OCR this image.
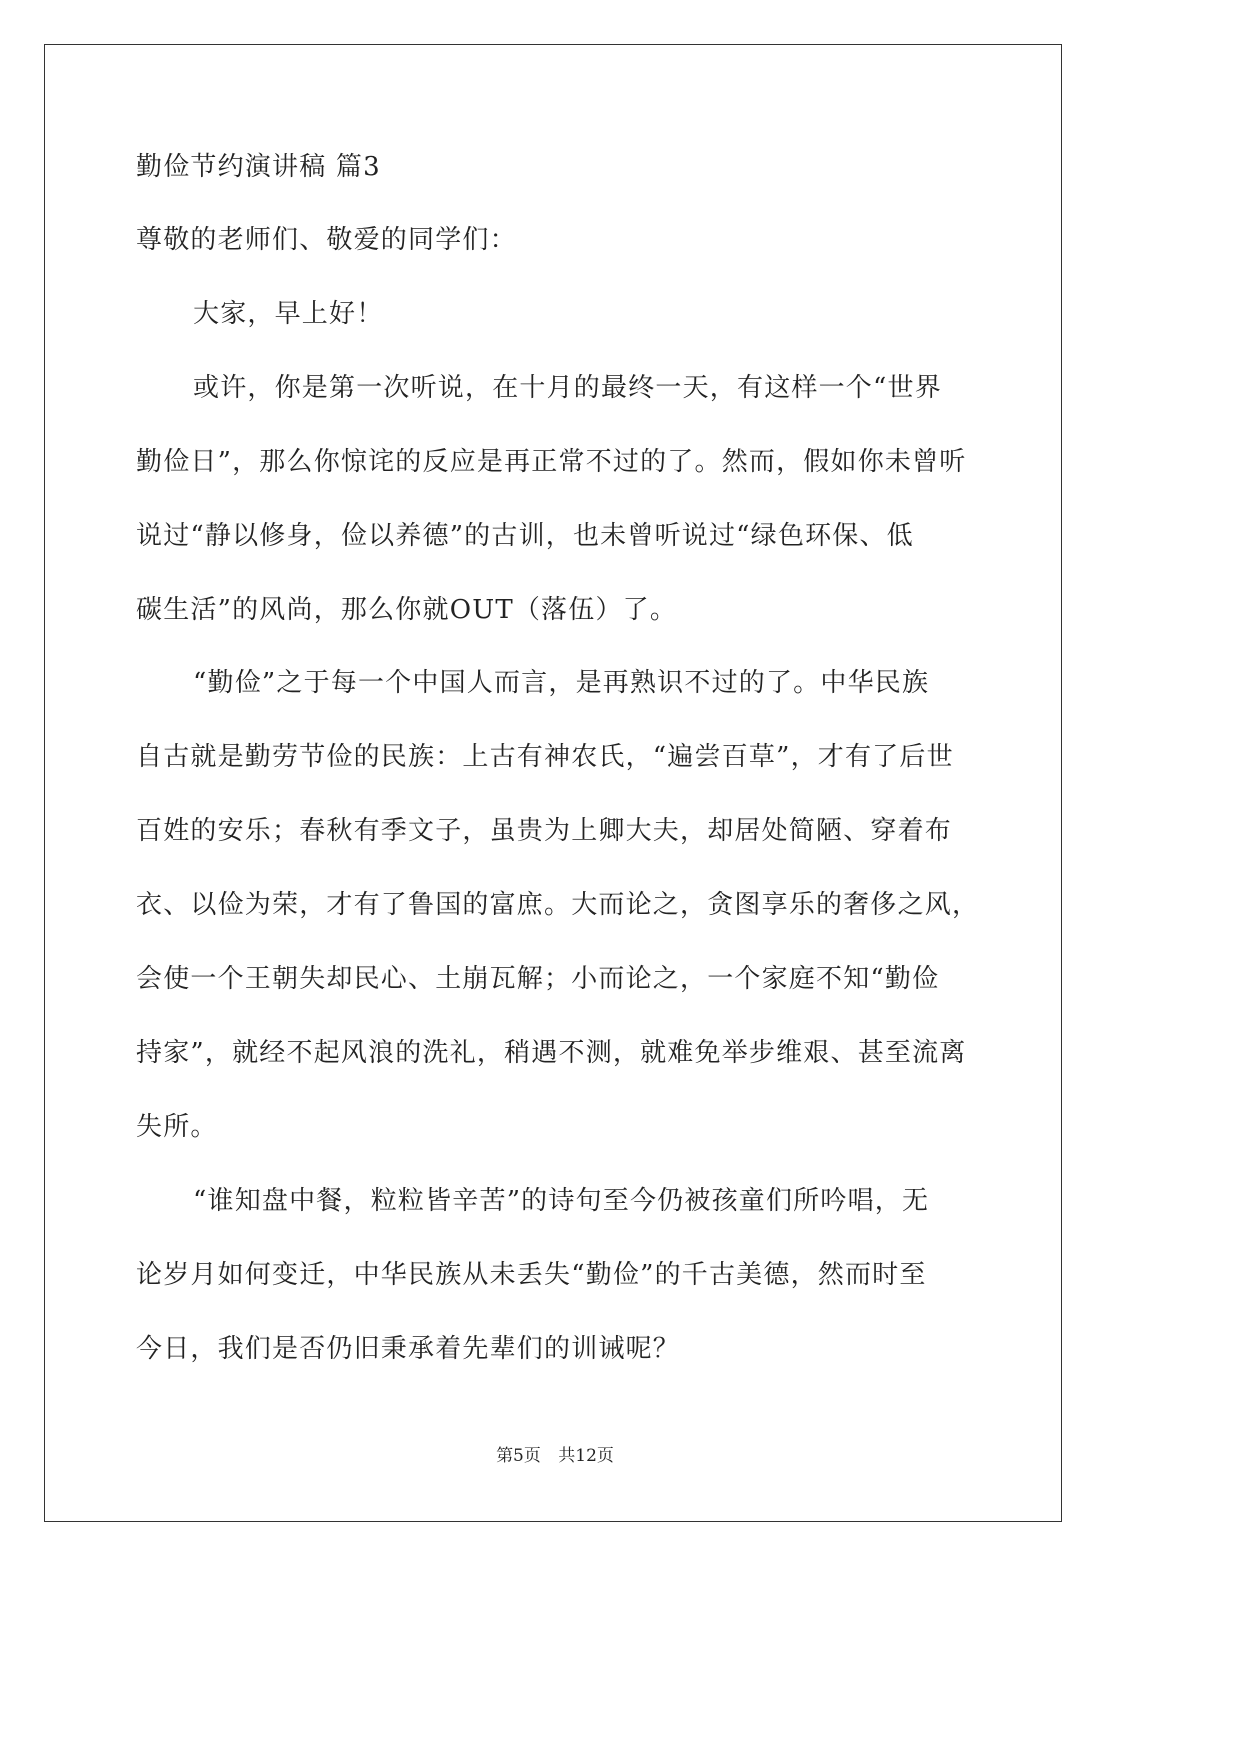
勤俭节约演讲稿 篇3
尊敬的老师们、敬爱的同学们：
大家，早上好！
或许，你是第一次听说，在十月的最终一天，有这样一个“世界
勤俭日”，那么你惊诧的反应是再正常不过的了。然而，假如你未曾听
说过“静以修身，俭以养德”的古训，也未曾听说过“绿色环保、低
碳生活”的风尚，那么你就OUT（落伍）了。
“勤俭”之于每一个中国人而言，是再熟识不过的了。中华民族
自古就是勤劳节俭的民族：上古有神农氏，“遍尝百草”，才有了后世
百姓的安乐；春秋有季文子，虽贵为上卿大夫，却居处简陋、穿着布
衣、以俭为荣，才有了鲁国的富庶。大而论之，贪图享乐的奢侈之风，
会使一个王朝失却民心、土崩瓦解；小而论之，一个家庭不知“勤俭
持家”，就经不起风浪的洗礼，稍遇不测，就难免举步维艰、甚至流离
失所。
“谁知盘中餐，粒粒皆辛苦”的诗句至今仍被孩童们所吟唱，无
论岁月如何变迁，中华民族从未丢失“勤俭”的千古美德，然而时至
今日，我们是否仍旧秉承着先辈们的训诫呢？
第5页 共12页
